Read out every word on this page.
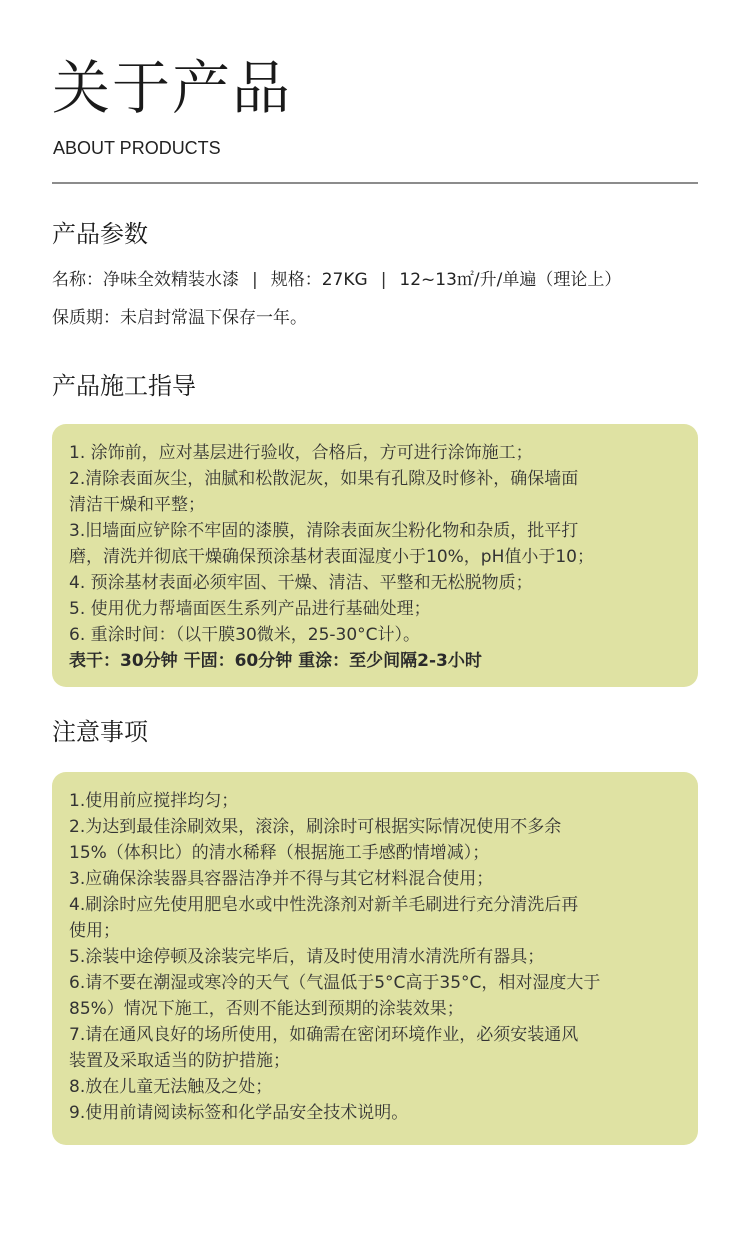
关于产品
ABOUT PRODUCTS
产品参数
名称：净味全效精装水漆 | 规格：27KG | 12~13㎡/升/单遍（理论上）
保质期：未启封常温下保存一年。
产品施工指导

1. 涂饰前，应对基层进行验收，合格后，方可进行涂饰施工；

2.清除表面灰尘，油腻和松散泥灰，如果有孔隙及时修补，确保墙面

清洁干燥和平整；

3.旧墙面应铲除不牢固的漆膜，清除表面灰尘粉化物和杂质，批平打

磨，清洗并彻底干燥确保预涂基材表面湿度小于10%，pH值小于10；

4. 预涂基材表面必须牢固、干燥、清洁、平整和无松脱物质；

5. 使用优力帮墙面医生系列产品进行基础处理；

6. 重涂时间：（以干膜30微米，25-30°C计）。

表干：30分钟 干固：60分钟 重涂：至少间隔2-3小时

注意事项

1.使用前应搅拌均匀；

2.为达到最佳涂刷效果，滚涂，刷涂时可根据实际情况使用不多余

15%（体积比）的清水稀释（根据施工手感酌情增减）；

3.应确保涂装器具容器洁净并不得与其它材料混合使用；

4.刷涂时应先使用肥皂水或中性洗涤剂对新羊毛刷进行充分清洗后再

使用；

5.涂装中途停顿及涂装完毕后，请及时使用清水清洗所有器具；

6.请不要在潮湿或寒冷的天气（气温低于5°C高于35°C，相对湿度大于

85%）情况下施工，否则不能达到预期的涂装效果；

7.请在通风良好的场所使用，如确需在密闭环境作业，必须安装通风

装置及采取适当的防护措施；

8.放在儿童无法触及之处；

9.使用前请阅读标签和化学品安全技术说明。
